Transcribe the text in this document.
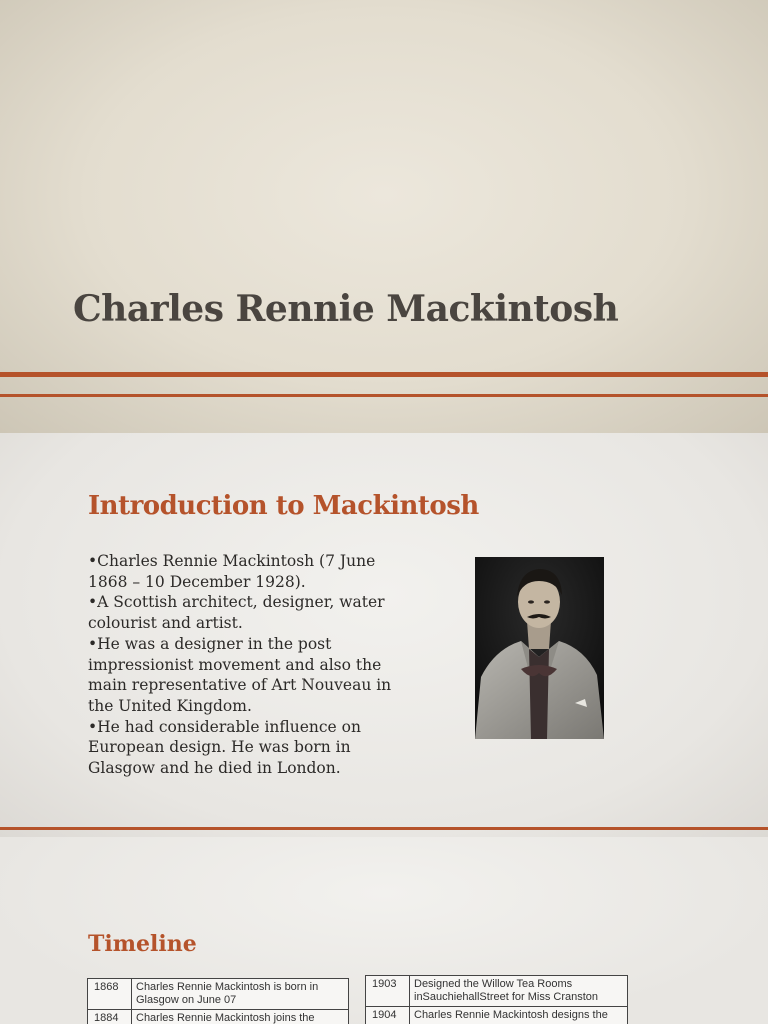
Charles Rennie Mackintosh
Introduction to Mackintosh

•Charles Rennie Mackintosh (7 June 1868 – 10 December 1928).

•A Scottish architect, designer, water colourist and artist.

•He was a designer in the post impressionist movement and also the main representative of Art Nouveau in the United Kingdom.

•He had considerable influence on European design. He was born in Glasgow and he died in London.

Timeline
1868	Charles Rennie Mackintosh is born in Glasgow on June 07
1884	Charles Rennie Mackintosh joins the
1903	Designed the Willow Tea Rooms inSauchiehallStreet for Miss Cranston
1904	Charles Rennie Mackintosh designs the
